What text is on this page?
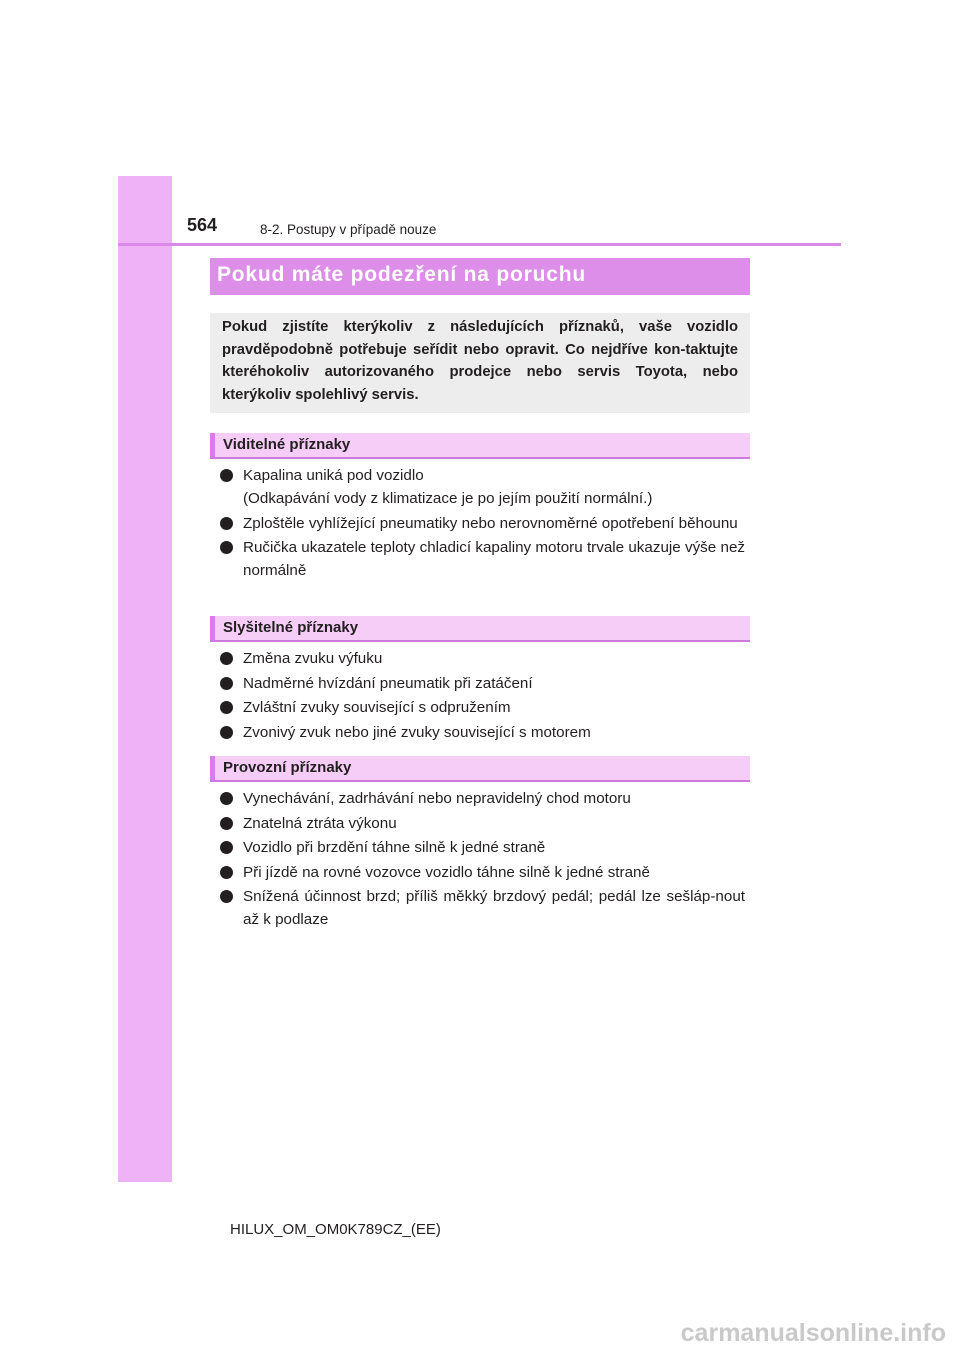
564	8-2. Postupy v případě nouze
Pokud máte podezření na poruchu

Pokud zjistíte kterýkoliv z následujících příznaků, vaše vozidlo pravděpodobně potřebuje seřídit nebo opravit. Co nejdříve kon-taktujte kteréhokoliv autorizovaného prodejce nebo servis Toyota, nebo kterýkoliv spolehlivý servis.

Viditelné příznaky
Kapalina uniká pod vozidlo
(Odkapávání vody z klimatizace je po jejím použití normální.)
Zploštěle vyhlížející pneumatiky nebo nerovnoměrné opotřebení běhounu
Ručička ukazatele teploty chladicí kapaliny motoru trvale ukazuje výše než normálně
Slyšitelné příznaky
Změna zvuku výfuku
Nadměrné hvízdání pneumatik při zatáčení
Zvláštní zvuky související s odpružením
Zvonivý zvuk nebo jiné zvuky související s motorem
Provozní příznaky
Vynechávání, zadrhávání nebo nepravidelný chod motoru
Znatelná ztráta výkonu
Vozidlo při brzdění táhne silně k jedné straně
Při jízdě na rovné vozovce vozidlo táhne silně k jedné straně
Snížená účinnost brzd; příliš měkký brzdový pedál; pedál lze sešláp-nout až k podlaze
HILUX_OM_OM0K789CZ_(EE)
carmanualsonline.info
